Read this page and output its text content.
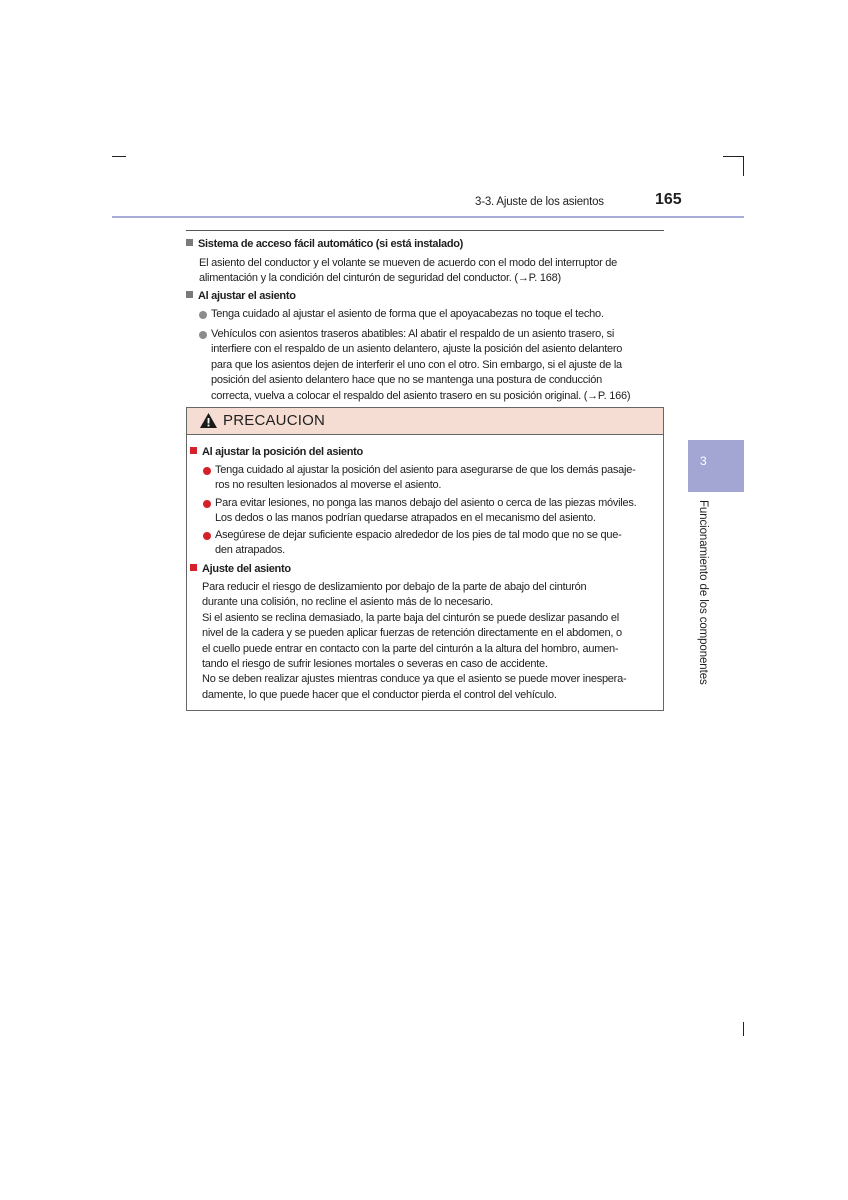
3-3. Ajuste de los asientos	165
Sistema de acceso fácil automático (si está instalado)
El asiento del conductor y el volante se mueven de acuerdo con el modo del interruptor de
alimentación y la condición del cinturón de seguridad del conductor. (→P. 168)
Al ajustar el asiento
Tenga cuidado al ajustar el asiento de forma que el apoyacabezas no toque el techo.
Vehículos con asientos traseros abatibles: Al abatir el respaldo de un asiento trasero, si
interfiere con el respaldo de un asiento delantero, ajuste la posición del asiento delantero
para que los asientos dejen de interferir el uno con el otro. Sin embargo, si el ajuste de la
posición del asiento delantero hace que no se mantenga una postura de conducción
correcta, vuelva a colocar el respaldo del asiento trasero en su posición original. (→P. 166)
PRECAUCION
Al ajustar la posición del asiento
Tenga cuidado al ajustar la posición del asiento para asegurarse de que los demás pasaje-
ros no resulten lesionados al moverse el asiento.
Para evitar lesiones, no ponga las manos debajo del asiento o cerca de las piezas móviles.
Los dedos o las manos podrían quedarse atrapados en el mecanismo del asiento.
Asegúrese de dejar suficiente espacio alrededor de los pies de tal modo que no se que-
den atrapados.
Ajuste del asiento
Para reducir el riesgo de deslizamiento por debajo de la parte de abajo del cinturón
durante una colisión, no recline el asiento más de lo necesario.
Si el asiento se reclina demasiado, la parte baja del cinturón se puede deslizar pasando el
nivel de la cadera y se pueden aplicar fuerzas de retención directamente en el abdomen, o
el cuello puede entrar en contacto con la parte del cinturón a la altura del hombro, aumen-
tando el riesgo de sufrir lesiones mortales o severas en caso de accidente.
No se deben realizar ajustes mientras conduce ya que el asiento se puede mover inespera-
damente, lo que puede hacer que el conductor pierda el control del vehículo.
3
Funcionamiento de los componentes
